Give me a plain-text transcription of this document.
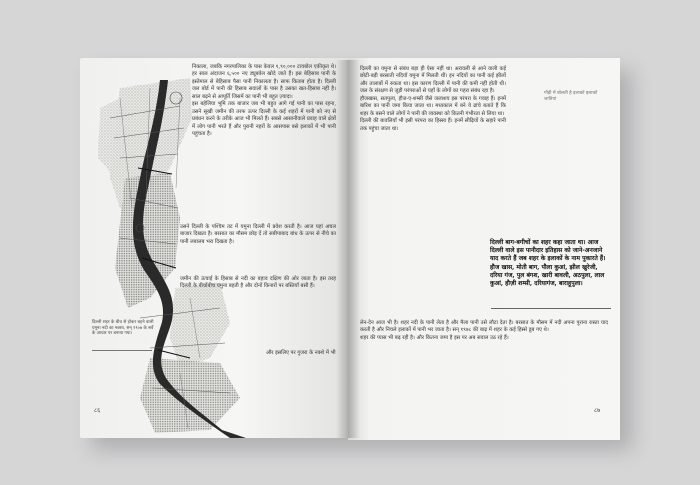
निकाला, जबकि नगरपालिका के पास केवल १,९०,००० टायबोल एकीकृत थे। हर साल अंदाजन ६,५०० नए ड्यूबवेल खोदे जाते हैं। इस बेहिसाब पानी के इस्तेमाल से बेहिसाब पैसा पानी निकालता है। साफ किताब होता है। दिल्ली जल बोर्ड में पानी की हिसाब सवालों के पास है उसका खत-हिसाब नहीं है। साल बढ़ने से आपूर्ति जिसमें का पानी भी बहुत ज़्यादा।

इस बहेलिया भूमि तक बाजार जब भी बहुत आगे गई पानी का पास रहना, उसने सूखी जमीन की तरफ ऊपर दिल्ली के कई शहरों में पानी को नए से प्रबंधन करने के तरीके आज भी मिलते हैं। सबसे आसानीवाले प्रवाह वाले क्षेत्रों में लोग पानी भरते हैं और पुरानी नहरों के आसपास बसे इलाकों में भी पानी पहुंचता है।

उसने दिल्ली के पश्चिम तट में यमुना दिल्ली में प्रवेश करती है। आज यहां अचल बाजार दिखता है। बरसात का मौसम छोड़ दें तो सबीपाबाद बांध के ऊपर से नीचे का पानी लबालब भरा दिखता है।

जमीन की ऊंचाई के हिसाब से नदी का बहाव दक्षिण की ओर जाता है। इस तरह दिल्ली के बीचोंबीच यमुना बहती है और दोनों किनारों पर बस्तियाँ बसी हैं।

और इसलिए पर गुजरा के नक्शे में भी

दिल्ली शहर के बीच से होकर बहने वाली यमुना नदी का नक्शा, सन् १९०७ के सर्वे के आधार पर बनाया गया।
८६
गौड़ी में बोलती है इलाकों इलाकों जातियां

दिल्ली का यमुना से संबंध बड़ा ही ऐसा नहीं था। अरावली से आने वाली कई छोटी-बड़ी बरसाती नदियाँ यमुना में मिलती थीं। इन नदियों का पानी कई झीलों और तालाबों में रुकता था। इस कारण दिल्ली में पानी की कमी नहीं होती थी। जल के संरक्षण से जुड़ी परंपराओं से यहाँ के लोगों का गहरा संबंध रहा है।

हौजखास, सतपुला, हौज-ए-शम्सी जैसे जलाशय इस परंपरा के गवाह हैं। इनमें बारिश का पानी जमा किया जाता था। मध्यकाल में बने ये ढांचे बताते हैं कि शहर के बसने वाले लोगों ने पानी की व्यवस्था को कितनी गंभीरता से लिया था।

दिल्ली की बावलियाँ भी इसी परंपरा का हिस्सा हैं। इनमें सीढ़ियों के सहारे पानी तक पहुंचा जाता था।

दिल्ली बाग-बगीचों का शहर कहा जाता था। आज दिल्ली वाले इस पानीदार इतिहास को जाने-अनजाने याद करते हैं जब शहर के इलाकों के नाम पुकारते हैं। हौज खास, मोती बाग, पौला कुआं, झील खुरेजी, दरिया गंज, पुल बंगश, खारी बावली, अठपुला, लाल कुआं, हौज़ी शम्सी, दरियागंज, बाराहूपुला।

लेन-देन आज भी है। शहर नदी के पानी लेता है और मैला पानी उसे लौटा देता है। बरसात के मौसम में नदी अपना पुराना रास्ता याद करती है और निचले इलाकों में पानी भर जाता है। सन् १९७८ की बाढ़ में शहर के कई हिस्से डूब गए थे।

शहर की प्यास भी बढ़ रही है। और कितना जमा है इस पर अब सवाल उठ रहे हैं।

८७
